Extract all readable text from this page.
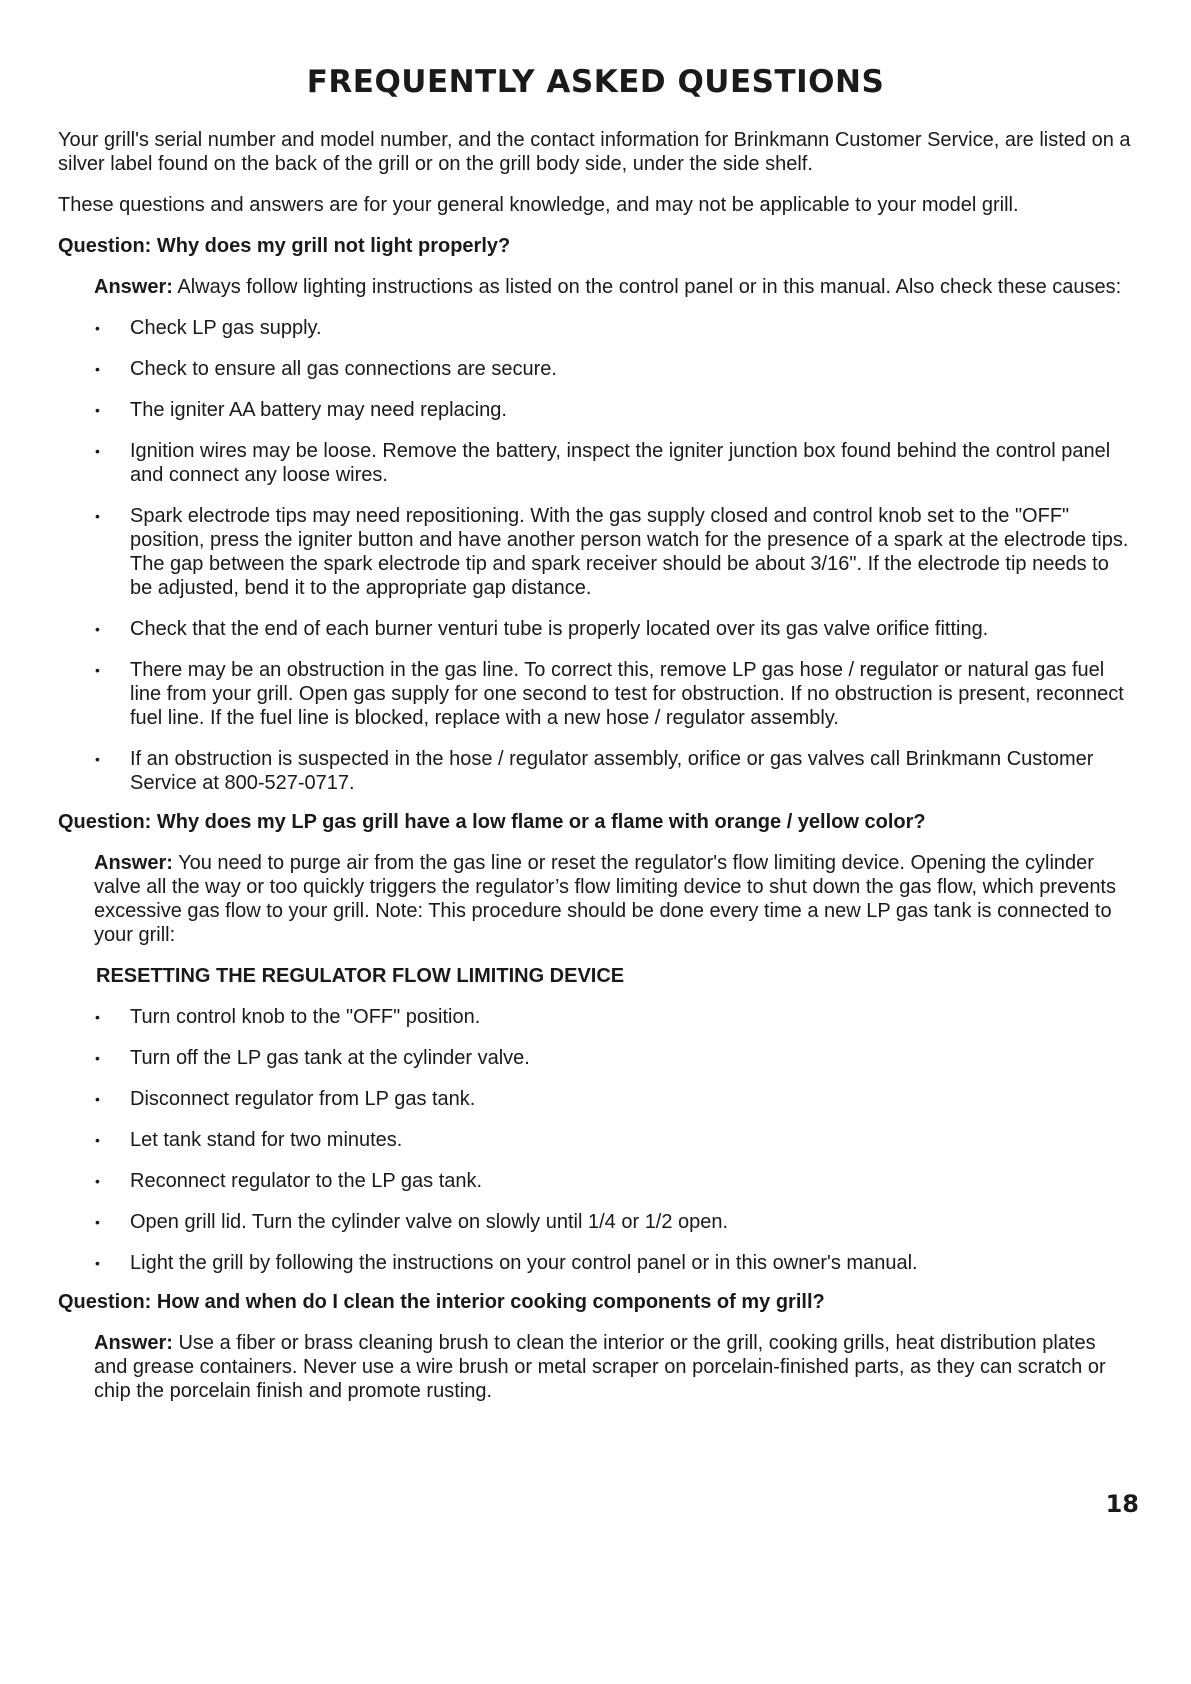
FREQUENTLY ASKED QUESTIONS

Your grill's serial number and model number, and the contact information for Brinkmann Customer Service, are listed on a silver label found on the back of the grill or on the grill body side, under the side shelf.

These questions and answers are for your general knowledge, and may not be applicable to your model grill.

Question: Why does my grill not light properly?

Answer: Always follow lighting instructions as listed on the control panel or in this manual. Also check these causes:

• Check LP gas supply.
• Check to ensure all gas connections are secure.
• The igniter AA battery may need replacing.
• Ignition wires may be loose. Remove the battery, inspect the igniter junction box found behind the control panel and connect any loose wires.
• Spark electrode tips may need repositioning. With the gas supply closed and control knob set to the "OFF" position, press the igniter button and have another person watch for the presence of a spark at the electrode tips. The gap between the spark electrode tip and spark receiver should be about 3/16". If the electrode tip needs to be adjusted, bend it to the appropriate gap distance.
• Check that the end of each burner venturi tube is properly located over its gas valve orifice fitting.
• There may be an obstruction in the gas line. To correct this, remove LP gas hose / regulator or natural gas fuel line from your grill. Open gas supply for one second to test for obstruction. If no obstruction is present, reconnect fuel line. If the fuel line is blocked, replace with a new hose / regulator assembly.
• If an obstruction is suspected in the hose / regulator assembly, orifice or gas valves call Brinkmann Customer Service at 800-527-0717.
Question: Why does my LP gas grill have a low flame or a flame with orange / yellow color?

Answer: You need to purge air from the gas line or reset the regulator's flow limiting device. Opening the cylinder valve all the way or too quickly triggers the regulator’s flow limiting device to shut down the gas flow, which prevents excessive gas flow to your grill. Note: This procedure should be done every time a new LP gas tank is connected to your grill:

RESETTING THE REGULATOR FLOW LIMITING DEVICE
• Turn control knob to the "OFF" position.
• Turn off the LP gas tank at the cylinder valve.
• Disconnect regulator from LP gas tank.
• Let tank stand for two minutes.
• Reconnect regulator to the LP gas tank.
• Open grill lid. Turn the cylinder valve on slowly until 1/4 or 1/2 open.
• Light the grill by following the instructions on your control panel or in this owner's manual.
Question: How and when do I clean the interior cooking components of my grill?

Answer: Use a fiber or brass cleaning brush to clean the interior or the grill, cooking grills, heat distribution plates and grease containers. Never use a wire brush or metal scraper on porcelain-finished parts, as they can scratch or chip the porcelain finish and promote rusting.

18
